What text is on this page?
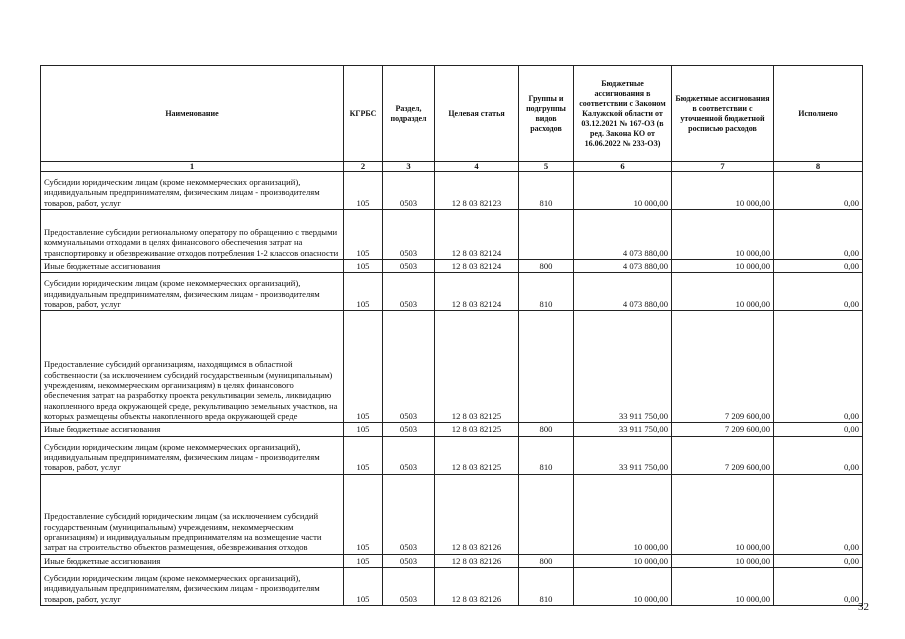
Наименование	КГРБС	Раздел, подраздел	Целевая статья	Группы и подгруппы видов расходов	Бюджетные ассигнования в соответствии с Законом Калужской области от 03.12.2021 № 167-ОЗ (в ред. Закона КО от 16.06.2022 № 233-ОЗ)	Бюджетные ассигнования в соответствии с уточненной бюджетной росписью расходов	Исполнено
1	2	3	4	5	6	7	8
Субсидии юридическим лицам (кроме некоммерческих организаций), индивидуальным предпринимателям, физическим лицам - производителям товаров, работ, услуг	105	0503	12 8 03 82123	810	10 000,00	10 000,00	0,00
Предоставление субсидии региональному оператору по обращению с твердыми коммунальными отходами в целях финансового обеспечения затрат на транспортировку и обезвреживание отходов потребления 1-2 классов опасности	105	0503	12 8 03 82124		4 073 880,00	10 000,00	0,00
Иные бюджетные ассигнования	105	0503	12 8 03 82124	800	4 073 880,00	10 000,00	0,00
Субсидии юридическим лицам (кроме некоммерческих организаций), индивидуальным предпринимателям, физическим лицам - производителям товаров, работ, услуг	105	0503	12 8 03 82124	810	4 073 880,00	10 000,00	0,00
Предоставление субсидий организациям, находящимся в областной собственности (за исключением субсидий государственным (муниципальным) учреждениям, некоммерческим организациям) в целях финансового обеспечения затрат на разработку проекта рекультивации земель, ликвидацию накопленного вреда окружающей среде, рекультивацию земельных участков, на которых размещены объекты накопленного вреда окружающей среде	105	0503	12 8 03 82125		33 911 750,00	7 209 600,00	0,00
Иные бюджетные ассигнования	105	0503	12 8 03 82125	800	33 911 750,00	7 209 600,00	0,00
Субсидии юридическим лицам (кроме некоммерческих организаций), индивидуальным предпринимателям, физическим лицам - производителям товаров, работ, услуг	105	0503	12 8 03 82125	810	33 911 750,00	7 209 600,00	0,00
Предоставление субсидий юридическим лицам (за исключением субсидий государственным (муниципальным) учреждениям, некоммерческим организациям) и индивидуальным предпринимателям на возмещение части затрат на строительство объектов размещения, обезвреживания отходов	105	0503	12 8 03 82126		10 000,00	10 000,00	0,00
Иные бюджетные ассигнования	105	0503	12 8 03 82126	800	10 000,00	10 000,00	0,00
Субсидии юридическим лицам (кроме некоммерческих организаций), индивидуальным предпринимателям, физическим лицам - производителям товаров, работ, услуг	105	0503	12 8 03 82126	810	10 000,00	10 000,00	0,00
32
